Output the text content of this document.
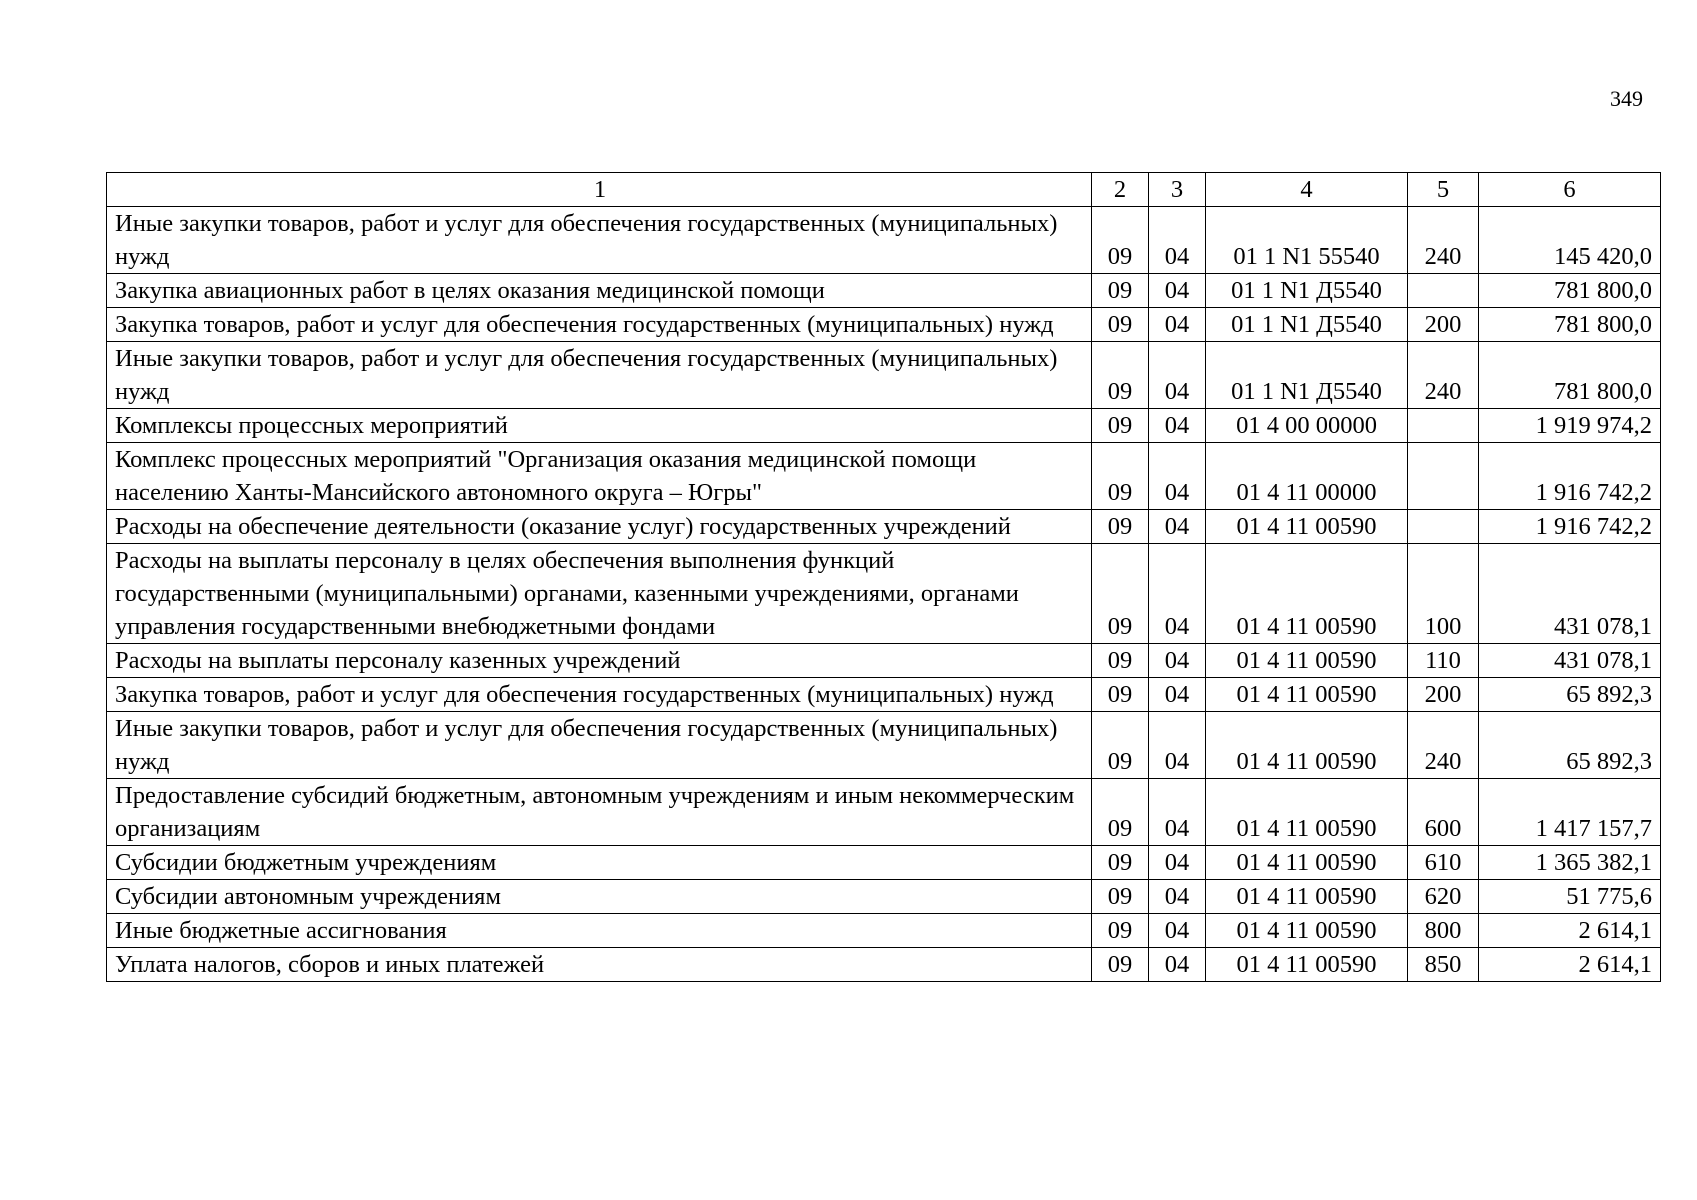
349
1	2	3	4	5	6
Иные закупки товаров, работ и услуг для обеспечения государственных (муниципальных) нужд	09	04	01 1 N1 55540	240	145 420,0
Закупка авиационных работ в целях оказания медицинской помощи	09	04	01 1 N1 Д5540		781 800,0
Закупка товаров, работ и услуг для обеспечения государственных (муниципальных) нужд	09	04	01 1 N1 Д5540	200	781 800,0
Иные закупки товаров, работ и услуг для обеспечения государственных (муниципальных) нужд	09	04	01 1 N1 Д5540	240	781 800,0
Комплексы процессных мероприятий	09	04	01 4 00 00000		1 919 974,2
Комплекс процессных мероприятий "Организация оказания медицинской помощи населению Ханты-Мансийского автономного округа – Югры"	09	04	01 4 11 00000		1 916 742,2
Расходы на обеспечение деятельности (оказание услуг) государственных учреждений	09	04	01 4 11 00590		1 916 742,2
Расходы на выплаты персоналу в целях обеспечения выполнения функций государственными (муниципальными) органами, казенными учреждениями, органами управления государственными внебюджетными фондами	09	04	01 4 11 00590	100	431 078,1
Расходы на выплаты персоналу казенных учреждений	09	04	01 4 11 00590	110	431 078,1
Закупка товаров, работ и услуг для обеспечения государственных (муниципальных) нужд	09	04	01 4 11 00590	200	65 892,3
Иные закупки товаров, работ и услуг для обеспечения государственных (муниципальных) нужд	09	04	01 4 11 00590	240	65 892,3
Предоставление субсидий бюджетным, автономным учреждениям и иным некоммерческим организациям	09	04	01 4 11 00590	600	1 417 157,7
Субсидии бюджетным учреждениям	09	04	01 4 11 00590	610	1 365 382,1
Субсидии автономным учреждениям	09	04	01 4 11 00590	620	51 775,6
Иные бюджетные ассигнования	09	04	01 4 11 00590	800	2 614,1
Уплата налогов, сборов и иных платежей	09	04	01 4 11 00590	850	2 614,1
